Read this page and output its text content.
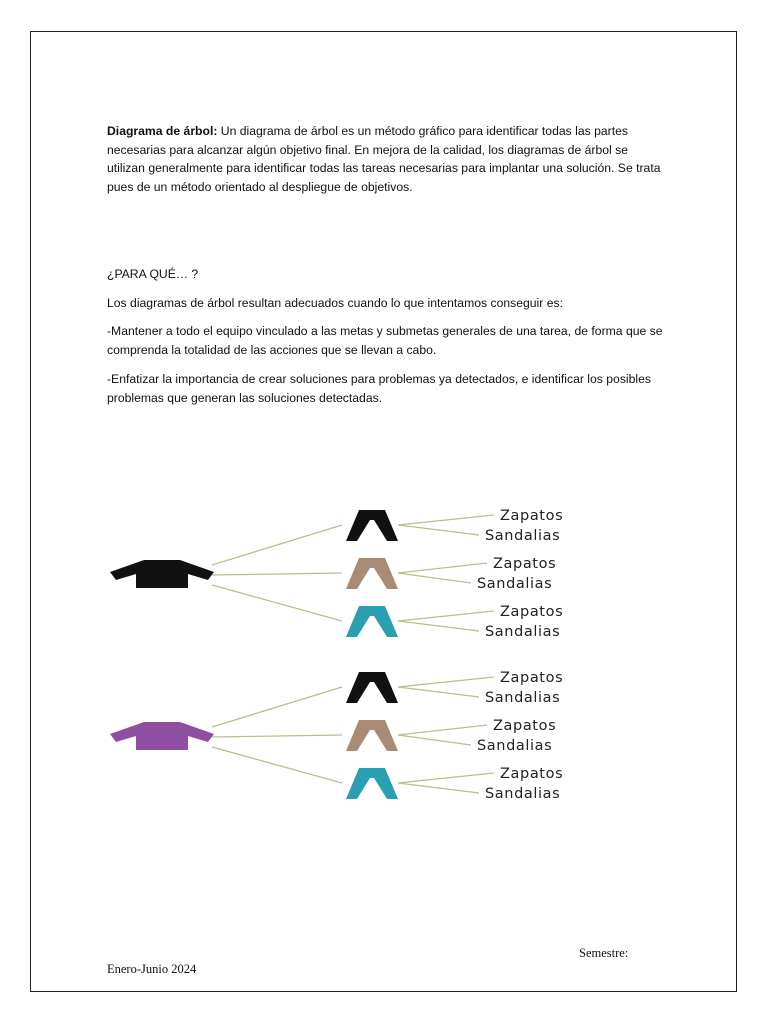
Diagrama de árbol: Un diagrama de árbol es un método gráfico para identificar todas las partes necesarias para alcanzar algún objetivo final. En mejora de la calidad, los diagramas de árbol se utilizan generalmente para identificar todas las tareas necesarias para implantar una solución. Se trata pues de un método orientado al despliegue de objetivos.

¿PARA QUÉ… ?

Los diagramas de árbol resultan adecuados cuando lo que intentamos conseguir es:

-Mantener a todo el equipo vinculado a las metas y submetas generales de una tarea, de forma que se comprenda la totalidad de las acciones que se llevan a cabo.

-Enfatizar la importancia de crear soluciones para problemas ya detectados, e identificar los posibles problemas que generan las soluciones detectadas.

Zapatos
Sandalias
Zapatos
Sandalias
Zapatos
Sandalias
Zapatos
Sandalias
Zapatos
Sandalias
Zapatos
Sandalias
Semestre:
Enero-Junio 2024
